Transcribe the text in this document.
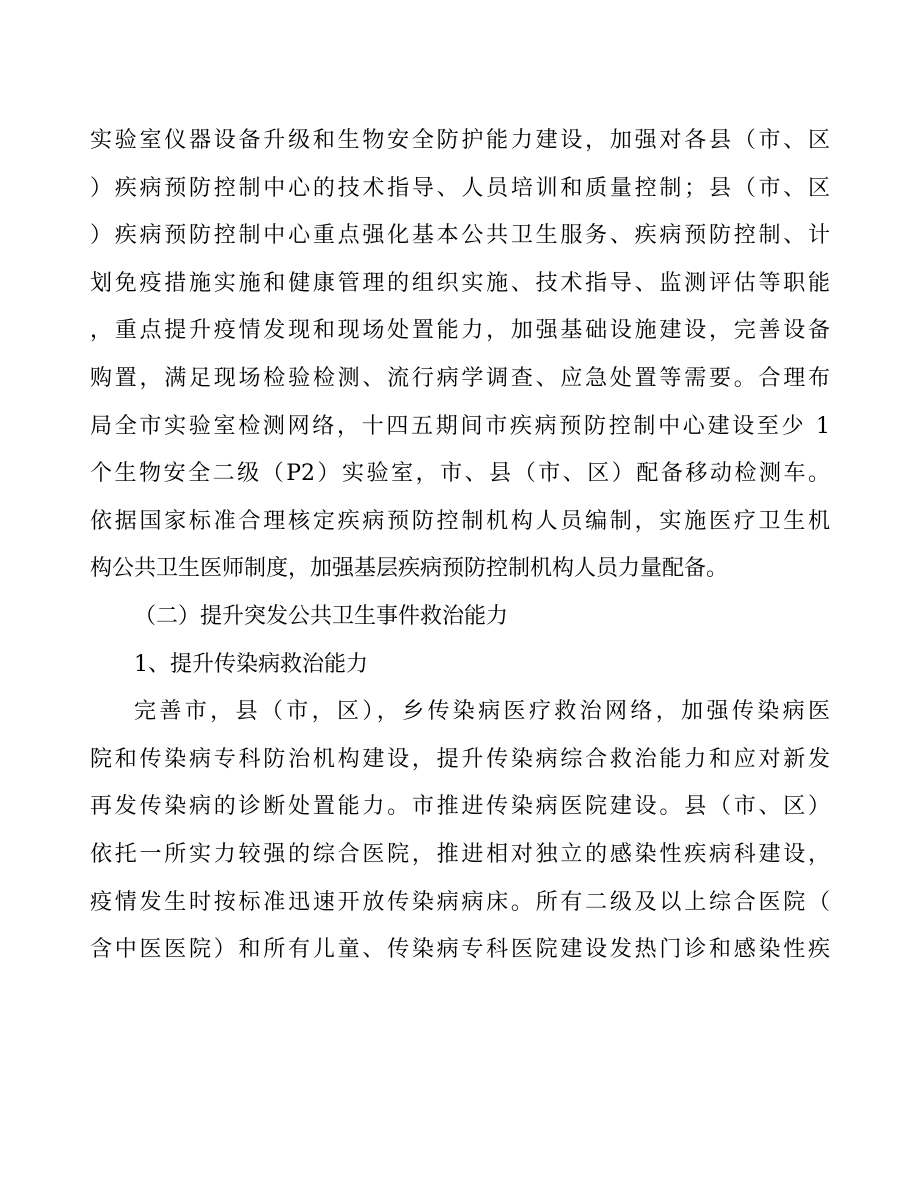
实验室仪器设备升级和生物安全防护能力建设，加强对各县（市、区
）疾病预防控制中心的技术指导、人员培训和质量控制；县（市、区
）疾病预防控制中心重点强化基本公共卫生服务、疾病预防控制、计
划免疫措施实施和健康管理的组织实施、技术指导、监测评估等职能
，重点提升疫情发现和现场处置能力，加强基础设施建设，完善设备
购置，满足现场检验检测、流行病学调查、应急处置等需要。合理布
局全市实验室检测网络，十四五期间市疾病预防控制中心建设至少 1
个生物安全二级（P2）实验室，市、县（市、区）配备移动检测车。
依据国家标准合理核定疾病预防控制机构人员编制，实施医疗卫生机
构公共卫生医师制度，加强基层疾病预防控制机构人员力量配备。
（二）提升突发公共卫生事件救治能力
1、提升传染病救治能力
完善市，县（市，区），乡传染病医疗救治网络，加强传染病医
院和传染病专科防治机构建设，提升传染病综合救治能力和应对新发
再发传染病的诊断处置能力。市推进传染病医院建设。县（市、区）
依托一所实力较强的综合医院，推进相对独立的感染性疾病科建设，
疫情发生时按标准迅速开放传染病病床。所有二级及以上综合医院（
含中医医院）和所有儿童、传染病专科医院建设发热门诊和感染性疾
